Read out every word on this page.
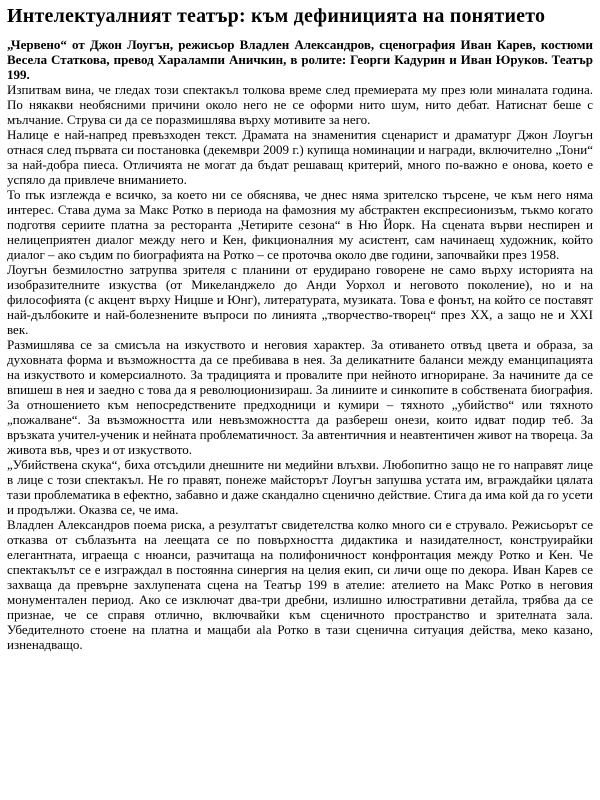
Интелектуалният театър: към дефиницията на понятието

„Червено“ от Джон Лоугън, режисьор Владлен Александров, сценография Иван Карев, костюми Весела Статкова, превод Харалампи Аничкин, в ролите: Георги Кадурин и Иван Юруков. Театър 199.

Изпитвам вина, че гледах този спектакъл толкова време след премиерата му през юли миналата година. По някакви необясними причини около него не се оформи нито шум, нито дебат. Натиснат беше с мълчание. Струва си да се поразмишлява върху мотивите за него.

Налице е най-напред превъзходен текст. Драмата на знаменития сценарист и драматург Джон Лоугън отнася след първата си постановка (декември 2009 г.) купища номинации и награди, включително „Тони“ за най-добра пиеса. Отличията не могат да бъдат решаващ критерий, много по-важно е онова, което е успяло да привлече вниманието.

То пък изглежда е всичко, за което ни се обяснява, че днес няма зрителско търсене, че към него няма интерес. Става дума за Макс Ротко в периода на фамозния му абстрактен експресионизъм, тъкмо когато подготвя сериите платна за ресторанта „Четирите сезона“ в Ню Йорк. На сцената върви неспирен и нелицеприятен диалог между него и Кен, фикционалния му асистент, сам начинаещ художник, който диалог – ако съдим по биографията на Ротко – се проточва около две години, започвайки през 1958.

Лоугън безмилостно затрупва зрителя с планини от ерудирано говорене не само върху историята на изобразителните изкуства (от Микеланджело до Анди Уорхол и неговото поколение), но и на философията (с акцент върху Ницше и Юнг), литературата, музиката. Това е фонът, на който се поставят най-дълбоките и най-болезнените въпроси по линията „творчество-творец“ през XX, а защо не и XXI век.

Размишлява се за смисъла на изкуството и неговия характер. За отиването отвъд цвета и образа, за духовната форма и възможността да се пребивава в нея. За деликатните баланси между еманципацията на изкуството и комерсиалното. За традицията и провалите при нейното игнориране. За начините да се впишеш в нея и заедно с това да я революционизираш. За линиите и синкопите в собствената биография. За отношението към непосредствените предходници и кумири – тяхното „убийство“ или тяхното „пожалване“. За възможността или невъзможността да разбереш онези, които идват подир теб. За връзката учител-ученик и нейната проблематичност. За автентичния и неавтентичен живот на твореца. За живота във, чрез и от изкуството.

„Убийствена скука“, биха отсъдили днешните ни медийни влъхви. Любопитно защо не го направят лице в лице с този спектакъл. Не го правят, понеже майсторът Лоугън запушва устата им, вграждайки цялата тази проблематика в ефектно, забавно и даже скандално сценично действие. Стига да има кой да го усети и продължи. Оказва се, че има.

Владлен Александров поема риска, а резултатът свидетелства колко много си е струвало. Режисьорът се отказва от съблазънта на леещата се по повърхността дидактика и назидателност, конструирайки елегантната, играеща с нюанси, разчитаща на полифоничност конфронтация между Ротко и Кен. Че спектакълът се е изграждал в постоянна синергия на целия екип, си личи още по декора. Иван Карев се захваща да превърне захлупената сцена на Театър 199 в ателие: ателието на Макс Ротко в неговия монументален период. Ако се изключат два-три дребни, излишно илюстративни детайла, трябва да се признае, че се справя отлично, включвайки към сценичното пространство и зрителната зала. Убедителното стоене на платна и мащаби ala Ротко в тази сценична ситуация действа, меко казано, изненадващо.
